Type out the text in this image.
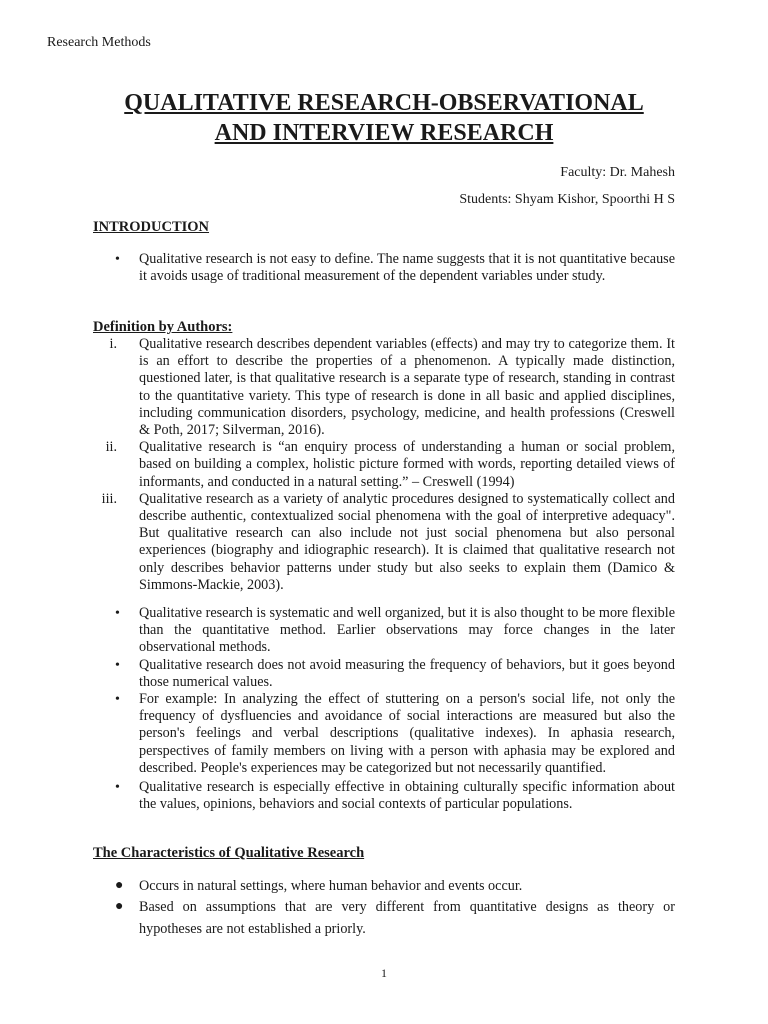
Research Methods
QUALITATIVE RESEARCH-OBSERVATIONAL
AND INTERVIEW RESEARCH
Faculty: Dr. Mahesh
Students: Shyam Kishor, Spoorthi H S
INTRODUCTION
• Qualitative research is not easy to define. The name suggests that it is not quantitative because it avoids usage of traditional measurement of the dependent variables under study.
Definition by Authors:
i. Qualitative research describes dependent variables (effects) and may try to categorize them. It is an effort to describe the properties of a phenomenon. A typically made distinction, questioned later, is that qualitative research is a separate type of research, standing in contrast to the quantitative variety. This type of research is done in all basic and applied disciplines, including communication disorders, psychology, medicine, and health professions (Creswell & Poth, 2017; Silverman, 2016).
ii. Qualitative research is “an enquiry process of understanding a human or social problem, based on building a complex, holistic picture formed with words, reporting detailed views of informants, and conducted in a natural setting.” – Creswell (1994)
iii. Qualitative research as a variety of analytic procedures designed to systematically collect and describe authentic, contextualized social phenomena with the goal of interpretive adequacy". But qualitative research can also include not just social phenomena but also personal experiences (biography and idiographic research). It is claimed that qualitative research not only describes behavior patterns under study but also seeks to explain them (Damico & Simmons-Mackie, 2003).
• Qualitative research is systematic and well organized, but it is also thought to be more flexible than the quantitative method. Earlier observations may force changes in the later observational methods.
• Qualitative research does not avoid measuring the frequency of behaviors, but it goes beyond those numerical values.
• For example: In analyzing the effect of stuttering on a person's social life, not only the frequency of dysfluencies and avoidance of social interactions are measured but also the person's feelings and verbal descriptions (qualitative indexes). In aphasia research, perspectives of family members on living with a person with aphasia may be explored and described. People's experiences may be categorized but not necessarily quantified.
• Qualitative research is especially effective in obtaining culturally specific information about the values, opinions, behaviors and social contexts of particular populations.
The Characteristics of Qualitative Research
● Occurs in natural settings, where human behavior and events occur.
● Based on assumptions that are very different from quantitative designs as theory or hypotheses are not established a priorly.
1
